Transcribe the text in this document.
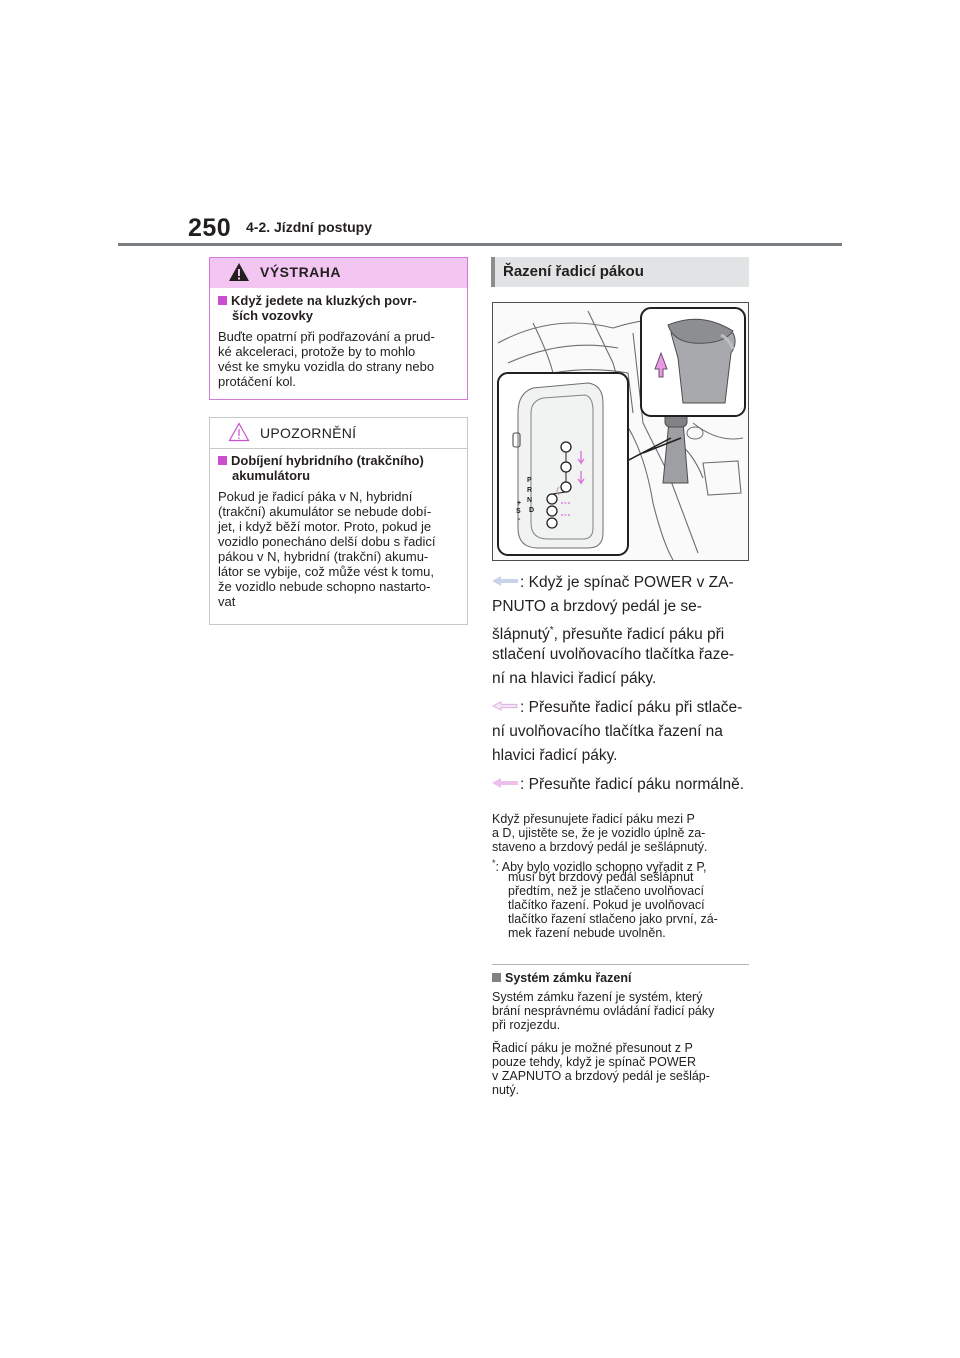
250 4-2. Jízdní postupy
VÝSTRAHA
Když jedete na kluzkých povr-
ších vozovky
Buďte opatrní při podřazování a prud-
ké akceleraci, protože by to mohlo
vést ke smyku vozidla do strany nebo
protáčení kol.
UPOZORNĚNÍ
Dobíjení hybridního (trakčního)
akumulátoru
Pokud je řadicí páka v N, hybridní
(trakční) akumulátor se nebude dobí-
jet, i když běží motor. Proto, pokud je
vozidlo ponecháno delší dobu s řadicí
pákou v N, hybridní (trakční) akumu-
látor se vybije, což může vést k tomu,
že vozidlo nebude schopno nastarto-
vat
Řazení řadicí pákou
P
R
N
D
S
+
-
: Když je spínač POWER v ZA-
PNUTO a brzdový pedál je se-
šlápnutý*, přesuňte řadicí páku při
stlačení uvolňovacího tlačítka řaze-
ní na hlavici řadicí páky.
: Přesuňte řadicí páku při stlače-
ní uvolňovacího tlačítka řazení na
hlavici řadicí páky.
: Přesuňte řadicí páku normálně.
Když přesunujete řadicí páku mezi P
a D, ujistěte se, že je vozidlo úplně za-
staveno a brzdový pedál je sešlápnutý.
*: Aby bylo vozidlo schopno vyřadit z P,
musí být brzdový pedál sešlápnut
předtím, než je stlačeno uvolňovací
tlačítko řazení. Pokud je uvolňovací
tlačítko řazení stlačeno jako první, zá-
mek řazení nebude uvolněn.
Systém zámku řazení
Systém zámku řazení je systém, který
brání nesprávnému ovládání řadicí páky
při rozjezdu.
Řadicí páku je možné přesunout z P
pouze tehdy, když je spínač POWER
v ZAPNUTO a brzdový pedál je sešláp-
nutý.
